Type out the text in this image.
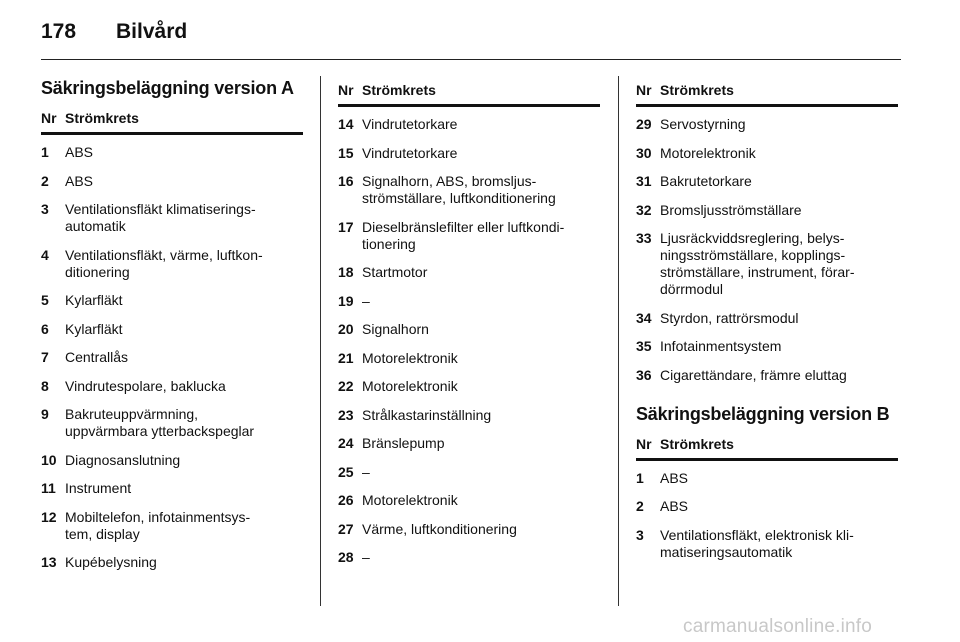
178	Bilvård
Säkringsbeläggning version A
Nr Strömkrets
1	ABS
2	ABS
3	Ventilationsfläkt klimatiserings-
automatik
4	Ventilationsfläkt, värme, luftkon-
ditionering
5	Kylarfläkt
6	Kylarfläkt
7	Centrallås
8	Vindrutespolare, baklucka
9	Bakruteuppvärmning,
uppvärmbara ytterbackspeglar
10 Diagnosanslutning
11 Instrument
12 Mobiltelefon, infotainmentsys-
tem, display
13 Kupébelysning
Nr Strömkrets
14 Vindrutetorkare
15 Vindrutetorkare
16 Signalhorn, ABS, bromsljus-
strömställare, luftkonditionering
17 Dieselbränslefilter eller luftkondi-
tionering
18 Startmotor
19 –
20 Signalhorn
21 Motorelektronik
22 Motorelektronik
23 Strålkastarinställning
24 Bränslepump
25 –
26 Motorelektronik
27 Värme, luftkonditionering
28 –
Nr Strömkrets
29 Servostyrning
30 Motorelektronik
31 Bakrutetorkare
32 Bromsljusströmställare
33 Ljusräckviddsreglering, belys-
ningsströmställare, kopplings-
strömställare, instrument, förar-
dörrmodul
34 Styrdon, rattrörsmodul
35 Infotainmentsystem
36 Cigarettändare, främre eluttag
Säkringsbeläggning version B
Nr Strömkrets
1	ABS
2	ABS
3	Ventilationsfläkt, elektronisk kli-
matiseringsautomatik
carmanualsonline.info
